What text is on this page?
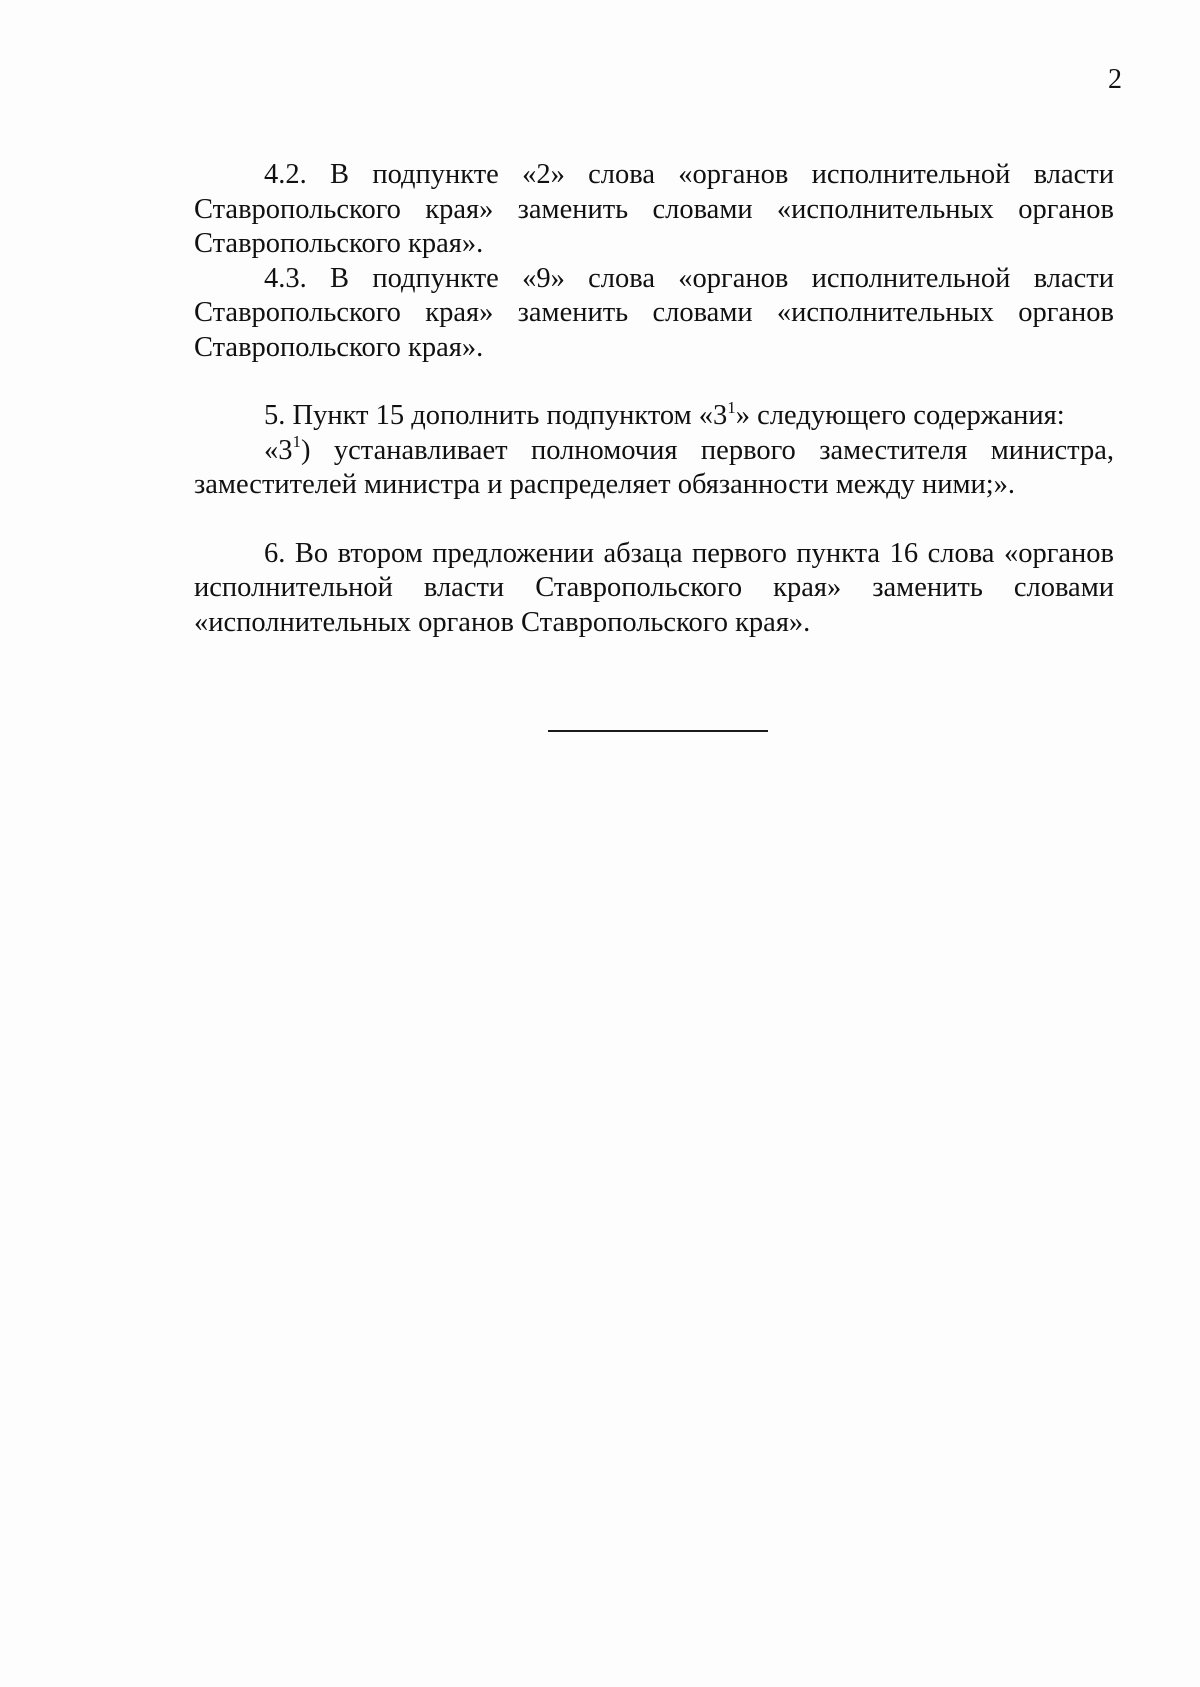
2

4.2. В подпункте «2» слова «органов исполнительной власти Ставропольского края» заменить словами «исполнительных органов Ставропольского края».

4.3. В подпункте «9» слова «органов исполнительной власти Ставропольского края» заменить словами «исполнительных органов Ставропольского края».

5. Пункт 15 дополнить подпунктом «$3^1$» следующего содержания:

«$3^1$) устанавливает полномочия первого заместителя министра, заместителей министра и распределяет обязанности между ними;».

6. Во втором предложении абзаца первого пункта 16 слова «органов исполнительной власти Ставропольского края» заменить словами «исполнительных органов Ставропольского края».
